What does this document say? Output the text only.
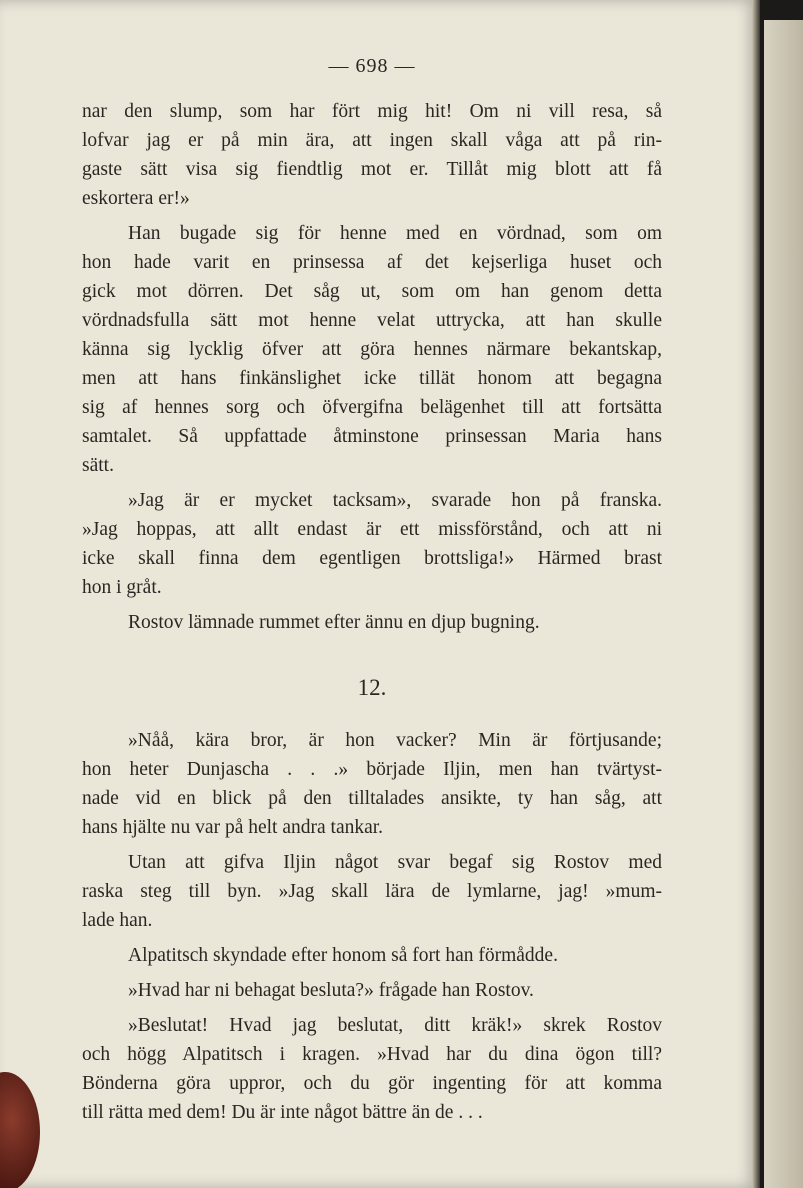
— 698 —
nar den slump, som har fört mig hit! Om ni vill resa, så
lofvar jag er på min ära, att ingen skall våga att på rin-
gaste sätt visa sig fiendtlig mot er. Tillåt mig blott att få
eskortera er!»
Han bugade sig för henne med en vördnad, som om
hon hade varit en prinsessa af det kejserliga huset och
gick mot dörren. Det såg ut, som om han genom detta
vördnadsfulla sätt mot henne velat uttrycka, att han skulle
känna sig lycklig öfver att göra hennes närmare bekantskap,
men att hans finkänslighet icke tillät honom att begagna
sig af hennes sorg och öfvergifna belägenhet till att fortsätta
samtalet. Så uppfattade åtminstone prinsessan Maria hans
sätt.
»Jag är er mycket tacksam», svarade hon på franska.
»Jag hoppas, att allt endast är ett missförstånd, och att ni
icke skall finna dem egentligen brottsliga!» Härmed brast
hon i gråt.
Rostov lämnade rummet efter ännu en djup bugning.
12.
»Nåå, kära bror, är hon vacker? Min är förtjusande;
hon heter Dunjascha . . .» började Iljin, men han tvärtyst-
nade vid en blick på den tilltalades ansikte, ty han såg, att
hans hjälte nu var på helt andra tankar.
Utan att gifva Iljin något svar begaf sig Rostov med
raska steg till byn. »Jag skall lära de lymlarne, jag! »mum-
lade han.
Alpatitsch skyndade efter honom så fort han förmådde.
»Hvad har ni behagat besluta?» frågade han Rostov.
»Beslutat! Hvad jag beslutat, ditt kräk!» skrek Rostov
och högg Alpatitsch i kragen. »Hvad har du dina ögon till?
Bönderna göra uppror, och du gör ingenting för att komma
till rätta med dem! Du är inte något bättre än de . . .
